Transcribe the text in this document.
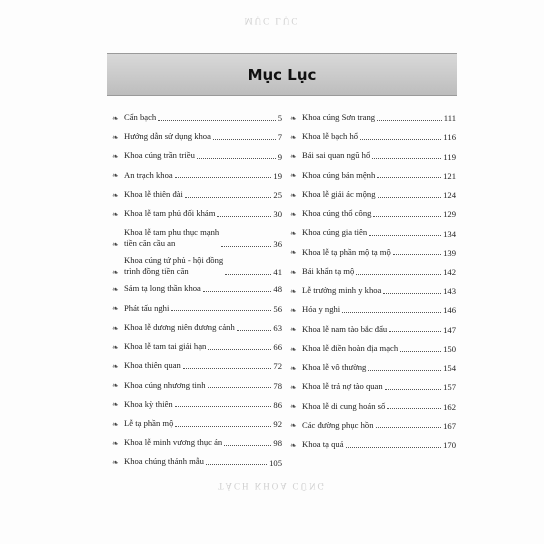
MỤC LỤC
Mục Lục
❧ Cẩn bạch	5
❧ Hướng dẫn sử dụng khoa	7
❧ Khoa cúng trần triều	9
❧ An trạch khoa	19
❧ Khoa lễ thiên đài	25
❧ Khoa lễ tam phủ đối khám	30
❧
Khoa lễ tam phu thục mạnh
tiền căn cầu an	36
❧
Khoa cúng tứ phủ - hội đồng
trình đồng tiền căn	41
❧ Sám tạ long thần khoa	48
❧ Phát tấu nghi	56
❧ Khoa lễ dương niên đương cảnh	63
❧ Khoa lễ tam tai giải hạn	66
❧ Khoa thiên quan	72
❧ Khoa cúng nhương tinh	78
❧ Khoa kỳ thiên	86
❧ Lễ tạ phần mộ	92
❧ Khoa lễ minh vương thục án	98
❧ Khoa chúng thánh mẫu	105
❧ Khoa cúng Sơn trang	111
❧ Khoa lễ bạch hổ	116
❧ Bái sai quan ngũ hổ	119
❧ Khoa cúng bản mệnh	121
❧ Khoa lễ giải ác mộng	124
❧ Khoa cúng thổ công	129
❧ Khoa cúng gia tiên	134
❧ Khoa lễ tạ phần mộ tạ mộ	139
❧ Bái khẩn tạ mộ	142
❧ Lễ trưởng minh y khoa	143
❧ Hóa y nghi	146
❧ Khoa lễ nam tào bắc đẩu	147
❧ Khoa lễ điền hoàn địa mạch	150
❧ Khoa lễ vô thường	154
❧ Khoa lễ trả nợ tào quan	157
❧ Khoa lễ di cung hoán số	162
❧ Các đường phục hồn	167
❧ Khoa tạ quả	170
TÁCH KHOA CŨNG
